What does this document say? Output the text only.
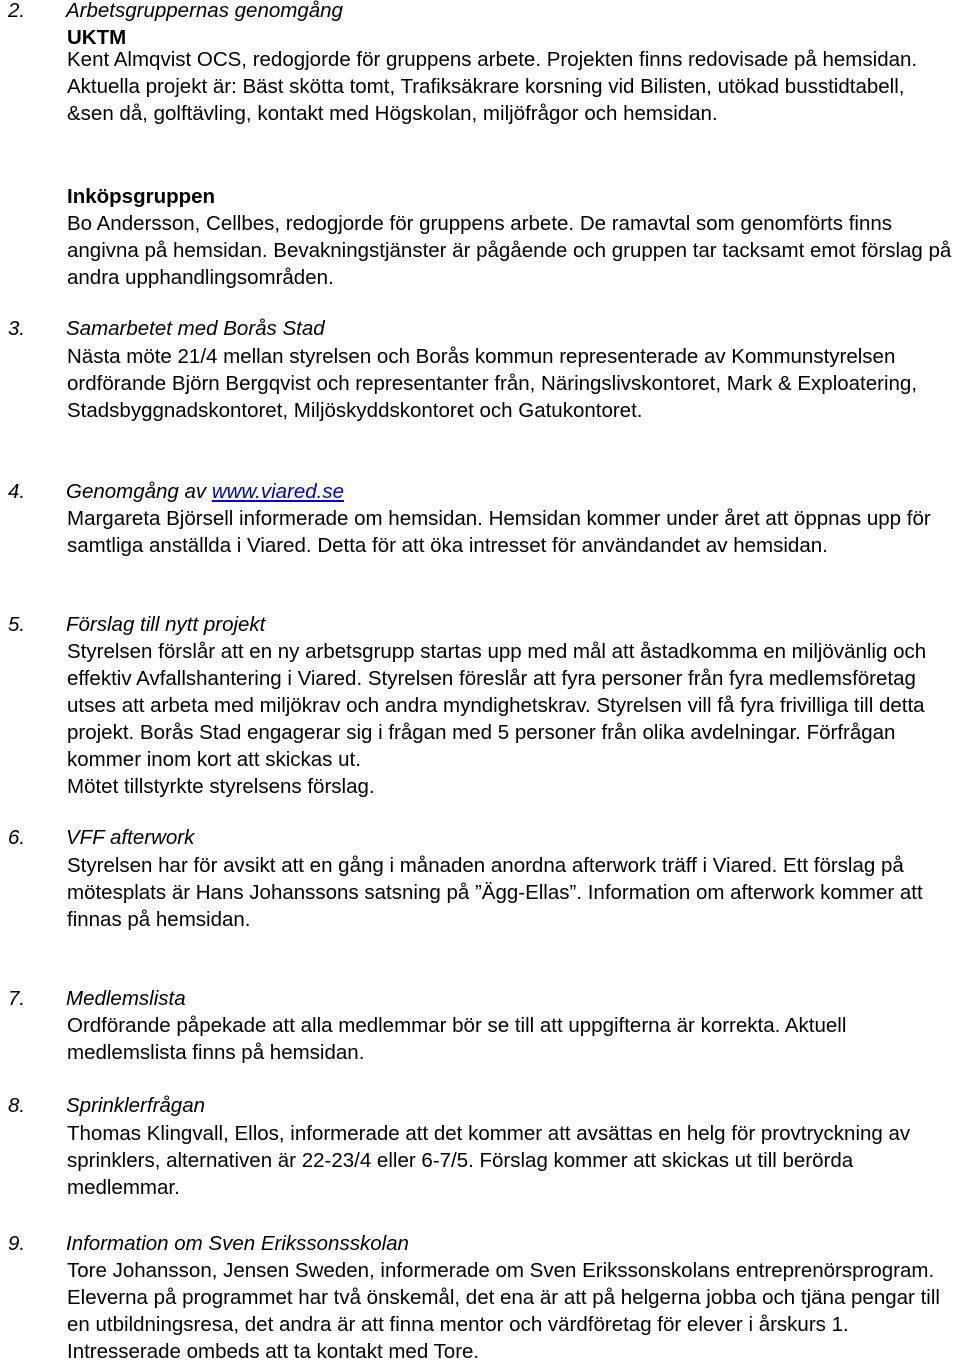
2. Arbetsgruppernas genomgång
UKTM
Kent Almqvist OCS, redogjorde för gruppens arbete. Projekten finns redovisade på hemsidan. Aktuella projekt är: Bäst skötta tomt, Trafiksäkrare korsning vid Bilisten, utökad busstidtabell, &sen då, golftävling, kontakt med Högskolan, miljöfrågor och hemsidan.
Inköpsgruppen
Bo Andersson, Cellbes, redogjorde för gruppens arbete. De ramavtal som genomförts finns angivna på hemsidan. Bevakningstjänster är pågående och gruppen tar tacksamt emot förslag på andra upphandlingsområden.
3. Samarbetet med Borås Stad
Nästa möte 21/4 mellan styrelsen och Borås kommun representerade av Kommunstyrelsen ordförande Björn Bergqvist och representanter från, Näringslivskontoret, Mark & Exploatering, Stadsbyggnadskontoret, Miljöskyddskontoret och Gatukontoret.
4. Genomgång av www.viared.se
Margareta Björsell informerade om hemsidan. Hemsidan kommer under året att öppnas upp för samtliga anställda i Viared. Detta för att öka intresset för användandet av hemsidan.
5. Förslag till nytt projekt
Styrelsen förslår att en ny arbetsgrupp startas upp med mål att åstadkomma en miljövänlig och effektiv Avfallshantering i Viared. Styrelsen föreslår att fyra personer från fyra medlemsföretag utses att arbeta med miljökrav och andra myndighetskrav. Styrelsen vill få fyra frivilliga till detta projekt. Borås Stad engagerar sig i frågan med 5 personer från olika avdelningar. Förfrågan kommer inom kort att skickas ut.
Mötet tillstyrkte styrelsens förslag.
6. VFF afterwork
Styrelsen har för avsikt att en gång i månaden anordna afterwork träff i Viared. Ett förslag på mötesplats är Hans Johanssons satsning på ”Ägg-Ellas”. Information om afterwork kommer att finnas på hemsidan.
7. Medlemslista
Ordförande påpekade att alla medlemmar bör se till att uppgifterna är korrekta. Aktuell medlemslista finns på hemsidan.
8. Sprinklerfrågan
Thomas Klingvall, Ellos, informerade att det kommer att avsättas en helg för provtryckning av sprinklers, alternativen är 22-23/4 eller 6-7/5. Förslag kommer att skickas ut till berörda medlemmar.
9. Information om Sven Erikssonsskolan
Tore Johansson, Jensen Sweden, informerade om Sven Erikssonskolans entreprenörsprogram. Eleverna på programmet har två önskemål, det ena är att på helgerna jobba och tjäna pengar till en utbildningsresa, det andra är att finna mentor och värdföretag för elever i årskurs 1. Intresserade ombeds att ta kontakt med Tore.
